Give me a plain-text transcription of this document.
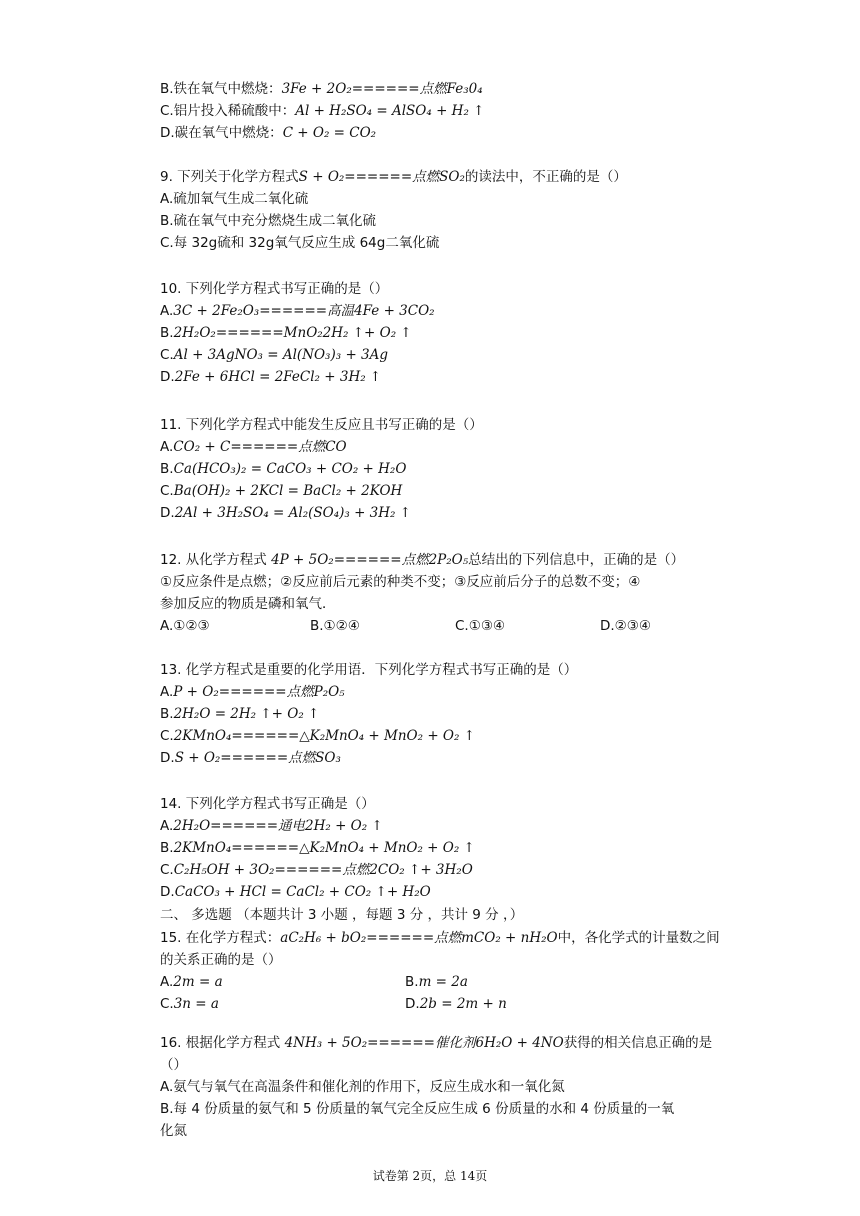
B.铁在氧气中燃烧：3Fe + 2O₂======点燃Fe₃0₄
C.铝片投入稀硫酸中：Al + H₂SO₄ = AlSO₄ + H₂ ↑
D.碳在氧气中燃烧：C + O₂ = CO₂
9. 下列关于化学方程式S + O₂======点燃SO₂的读法中，不正确的是（）
A.硫加氧气生成二氧化硫
B.硫在氧气中充分燃烧生成二氧化硫
C.每 32g硫和 32g氧气反应生成 64g二氧化硫
10. 下列化学方程式书写正确的是（）
A.3C + 2Fe₂O₃======高温4Fe + 3CO₂
B.2H₂O₂======MnO₂2H₂ ↑+ O₂ ↑
C.Al + 3AgNO₃ = Al(NO₃)₃ + 3Ag
D.2Fe + 6HCl = 2FeCl₂ + 3H₂ ↑
11. 下列化学方程式中能发生反应且书写正确的是（）
A.CO₂ + C======点燃CO
B.Ca(HCO₃)₂ = CaCO₃ + CO₂ + H₂O
C.Ba(OH)₂ + 2KCl = BaCl₂ + 2KOH
D.2Al + 3H₂SO₄ = Al₂(SO₄)₃ + 3H₂ ↑
12. 从化学方程式 4P + 5O₂======点燃2P₂O₅总结出的下列信息中，正确的是（）
①反应条件是点燃；②反应前后元素的种类不变；③反应前后分子的总数不变；④
参加反应的物质是磷和氧气．
A.①②③	B.①②④	C.①③④	D.②③④
13. 化学方程式是重要的化学用语．下列化学方程式书写正确的是（）
A.P + O₂======点燃P₂O₅
B.2H₂O = 2H₂ ↑+ O₂ ↑
C.2KMnO₄======△K₂MnO₄ + MnO₂ + O₂ ↑
D.S + O₂======点燃SO₃
14. 下列化学方程式书写正确是（）
A.2H₂O======通电2H₂ + O₂ ↑
B.2KMnO₄======△K₂MnO₄ + MnO₂ + O₂ ↑
C.C₂H₅OH + 3O₂======点燃2CO₂ ↑+ 3H₂O
D.CaCO₃ + HCl = CaCl₂ + CO₂ ↑+ H₂O
二、 多选题 （本题共计 3 小题 ，每题 3 分 ，共计 9 分 ，）
15. 在化学方程式：aC₂H₆ + bO₂======点燃mCO₂ + nH₂O中，各化学式的计量数之间
的关系正确的是（）
A.2m = a	B.m = 2a
C.3n = a	D.2b = 2m + n
16. 根据化学方程式 4NH₃ + 5O₂======催化剂6H₂O + 4NO获得的相关信息正确的是
（）
A.氨气与氧气在高温条件和催化剂的作用下，反应生成水和一氧化氮
B.每 4 份质量的氨气和 5 份质量的氧气完全反应生成 6 份质量的水和 4 份质量的一氧
化氮
试卷第 2页，总 14页
